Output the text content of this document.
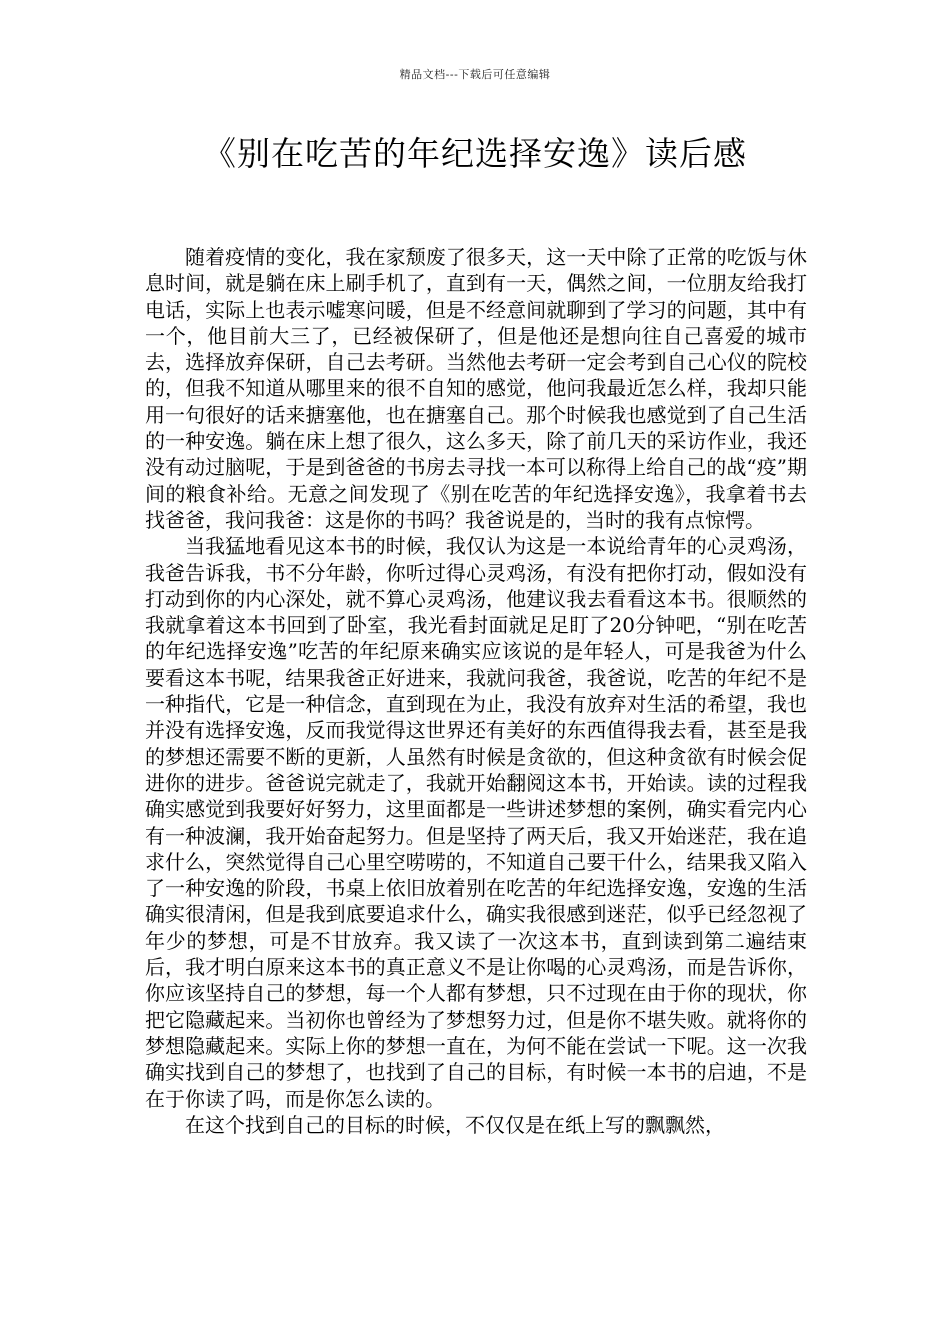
精品文档---下载后可任意编辑
《别在吃苦的年纪选择安逸》读后感

随着疫情的变化，我在家颓废了很多天，这一天中除了正常的吃饭与休息时间，就是躺在床上刷手机了，直到有一天，偶然之间，一位朋友给我打电话，实际上也表示嘘寒问暖，但是不经意间就聊到了学习的问题，其中有一个，他目前大三了，已经被保研了，但是他还是想向往自己喜爱的城市去，选择放弃保研，自己去考研。当然他去考研一定会考到自己心仪的院校的，但我不知道从哪里来的很不自知的感觉，他问我最近怎么样，我却只能用一句很好的话来搪塞他，也在搪塞自己。那个时候我也感觉到了自己生活的一种安逸。躺在床上想了很久，这么多天，除了前几天的采访作业，我还没有动过脑呢，于是到爸爸的书房去寻找一本可以称得上给自己的战“疫”期间的粮食补给。无意之间发现了《别在吃苦的年纪选择安逸》，我拿着书去找爸爸，我问我爸：这是你的书吗？我爸说是的，当时的我有点惊愕。

当我猛地看见这本书的时候，我仅认为这是一本说给青年的心灵鸡汤，我爸告诉我，书不分年龄，你听过得心灵鸡汤，有没有把你打动，假如没有打动到你的内心深处，就不算心灵鸡汤，他建议我去看看这本书。很顺然的我就拿着这本书回到了卧室，我光看封面就足足盯了20分钟吧，“别在吃苦的年纪选择安逸”吃苦的年纪原来确实应该说的是年轻人，可是我爸为什么要看这本书呢，结果我爸正好进来，我就问我爸，我爸说，吃苦的年纪不是一种指代，它是一种信念，直到现在为止，我没有放弃对生活的希望，我也并没有选择安逸，反而我觉得这世界还有美好的东西值得我去看，甚至是我的梦想还需要不断的更新，人虽然有时候是贪欲的，但这种贪欲有时候会促进你的进步。爸爸说完就走了，我就开始翻阅这本书，开始读。读的过程我确实感觉到我要好好努力，这里面都是一些讲述梦想的案例，确实看完内心有一种波澜，我开始奋起努力。但是坚持了两天后，我又开始迷茫，我在追求什么，突然觉得自己心里空唠唠的，不知道自己要干什么，结果我又陷入了一种安逸的阶段，书桌上依旧放着别在吃苦的年纪选择安逸，安逸的生活确实很清闲，但是我到底要追求什么，确实我很感到迷茫，似乎已经忽视了年少的梦想，可是不甘放弃。我又读了一次这本书，直到读到第二遍结束后，我才明白原来这本书的真正意义不是让你喝的心灵鸡汤，而是告诉你，你应该坚持自己的梦想，每一个人都有梦想，只不过现在由于你的现状，你把它隐藏起来。当初你也曾经为了梦想努力过，但是你不堪失败。就将你的梦想隐藏起来。实际上你的梦想一直在，为何不能在尝试一下呢。这一次我确实找到自己的梦想了，也找到了自己的目标，有时候一本书的启迪，不是在于你读了吗，而是你怎么读的。

在这个找到自己的目标的时候，不仅仅是在纸上写的飘飘然，
